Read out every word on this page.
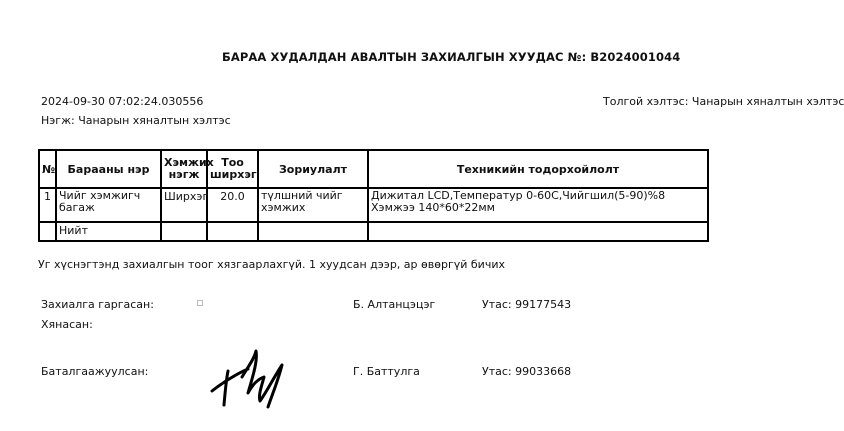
БАРАА ХУДАЛДАН АВАЛТЫН ЗАХИАЛГЫН ХУУДАС №: B2024001044
2024-09-30 07:02:24.030556	Толгой хэлтэс: Чанарын хяналтын хэлтэс
Нэгж: Чанарын хяналтын хэлтэс
№	Барааны нэр	Хэмжих нэгж	Тоо ширхэг	Зориулалт	Техникийн тодорхойлолт
1	Чийг хэмжигч багаж	Ширхэг	20.0	түлшний чийг хэмжих	Дижитал LCD,Температур 0-60C,Чийгшил(5-90)%8 Хэмжээ 140*60*22мм
	Нийт				
Уг хүснэгтэнд захиалгын тоог хязгаарлахгүй. 1 хуудсан дээр, ар өвөргүй бичих
Захиалга гаргасан:	Б. Алтанцэцэг	Утас: 99177543
Хянасан:
Баталгаажуулсан:	Г. Баттулга	Утас: 99033668
